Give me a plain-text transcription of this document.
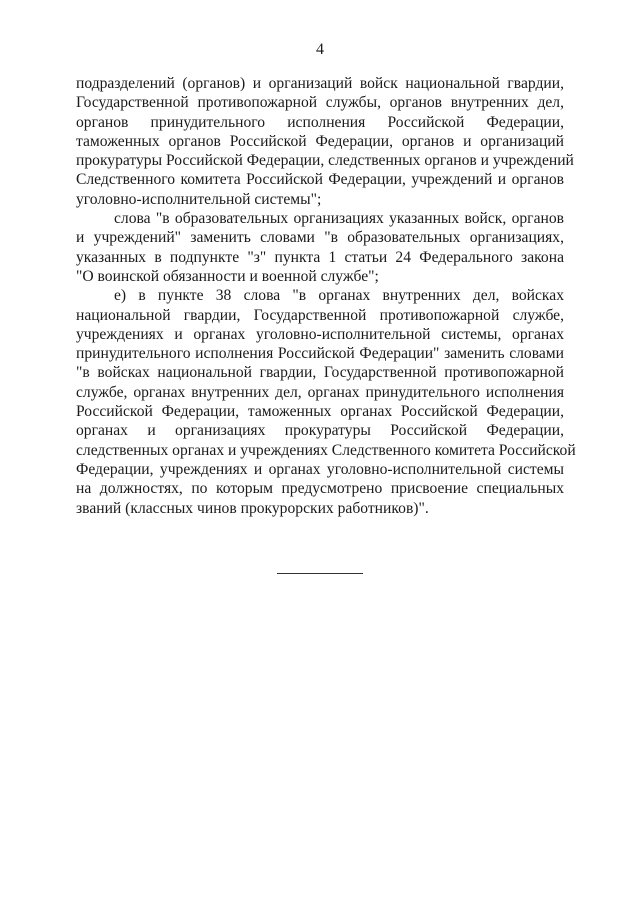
4

подразделений (органов) и организаций войск национальной гвардии,
Государственной противопожарной службы, органов внутренних дел,
органов принудительного исполнения Российской Федерации,
таможенных органов Российской Федерации, органов и организаций
прокуратуры Российской Федерации, следственных органов и учреждений
Следственного комитета Российской Федерации, учреждений и органов
уголовно-исполнительной системы";

слова "в образовательных организациях указанных войск, органов
и учреждений" заменить словами "в образовательных организациях,
указанных в подпункте "з" пункта 1 статьи 24 Федерального закона
"О воинской обязанности и военной службе";

е) в пункте 38 слова "в органах внутренних дел, войсках
национальной гвардии, Государственной противопожарной службе,
учреждениях и органах уголовно-исполнительной системы, органах
принудительного исполнения Российской Федерации" заменить словами
"в войсках национальной гвардии, Государственной противопожарной
службе, органах внутренних дел, органах принудительного исполнения
Российской Федерации, таможенных органах Российской Федерации,
органах и организациях прокуратуры Российской Федерации,
следственных органах и учреждениях Следственного комитета Российской
Федерации, учреждениях и органах уголовно-исполнительной системы
на должностях, по которым предусмотрено присвоение специальных
званий (классных чинов прокурорских работников)".
